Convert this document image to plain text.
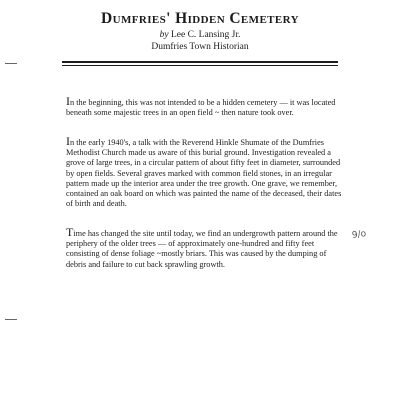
Dumfries' Hidden Cemetery
by Lee C. Lansing Jr.
Dumfries Town Historian

In the beginning, this was not intended to be a hidden cemetery — it was located beneath some majestic trees in an open field ~ then nature took over.

In the early 1940's, a talk with the Reverend Hinkle Shumate of the Dumfries Methodist Church made us aware of this burial ground. Investigation revealed a grove of large trees, in a circular pattern of about fifty feet in diameter, surrounded by open fields. Several graves marked with common field stones, in an irregular pattern made up the interior area under the tree growth. One grave, we remember, contained an oak board on which was painted the name of the deceased, their dates of birth and death.

Time has changed the site until today, we find an undergrowth pattern around the periphery of the older trees — of approximately one-hundred and fifty feet consisting of dense foliage ~mostly briars. This was caused by the dumping of debris and failure to cut back sprawling growth.

9/o
